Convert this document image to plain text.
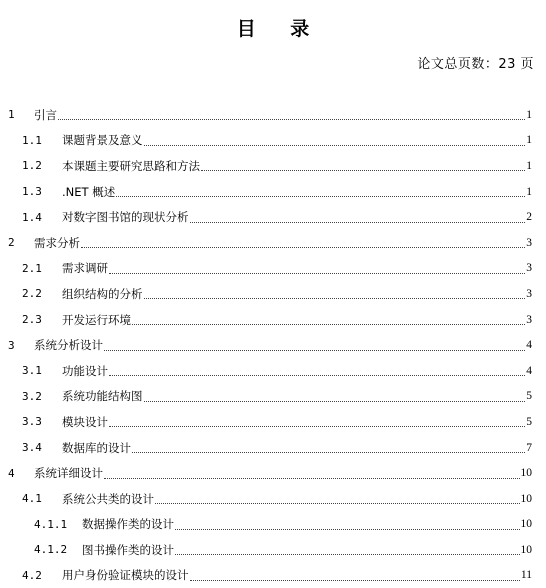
目 录
论文总页数：23 页
1	引言	1
1.1	课题背景及意义	1
1.2	本课题主要研究思路和方法	1
1.3	.NET 概述	1
1.4	对数字图书馆的现状分析	2
2	需求分析	3
2.1	需求调研	3
2.2	组织结构的分析	3
2.3	开发运行环境	3
3	系统分析设计	4
3.1	功能设计	4
3.2	系统功能结构图	5
3.3	模块设计	5
3.4	数据库的设计	7
4	系统详细设计	10
4.1	系统公共类的设计	10
4.1.1	数据操作类的设计	10
4.1.2	图书操作类的设计	10
4.2	用户身份验证模块的设计	11
